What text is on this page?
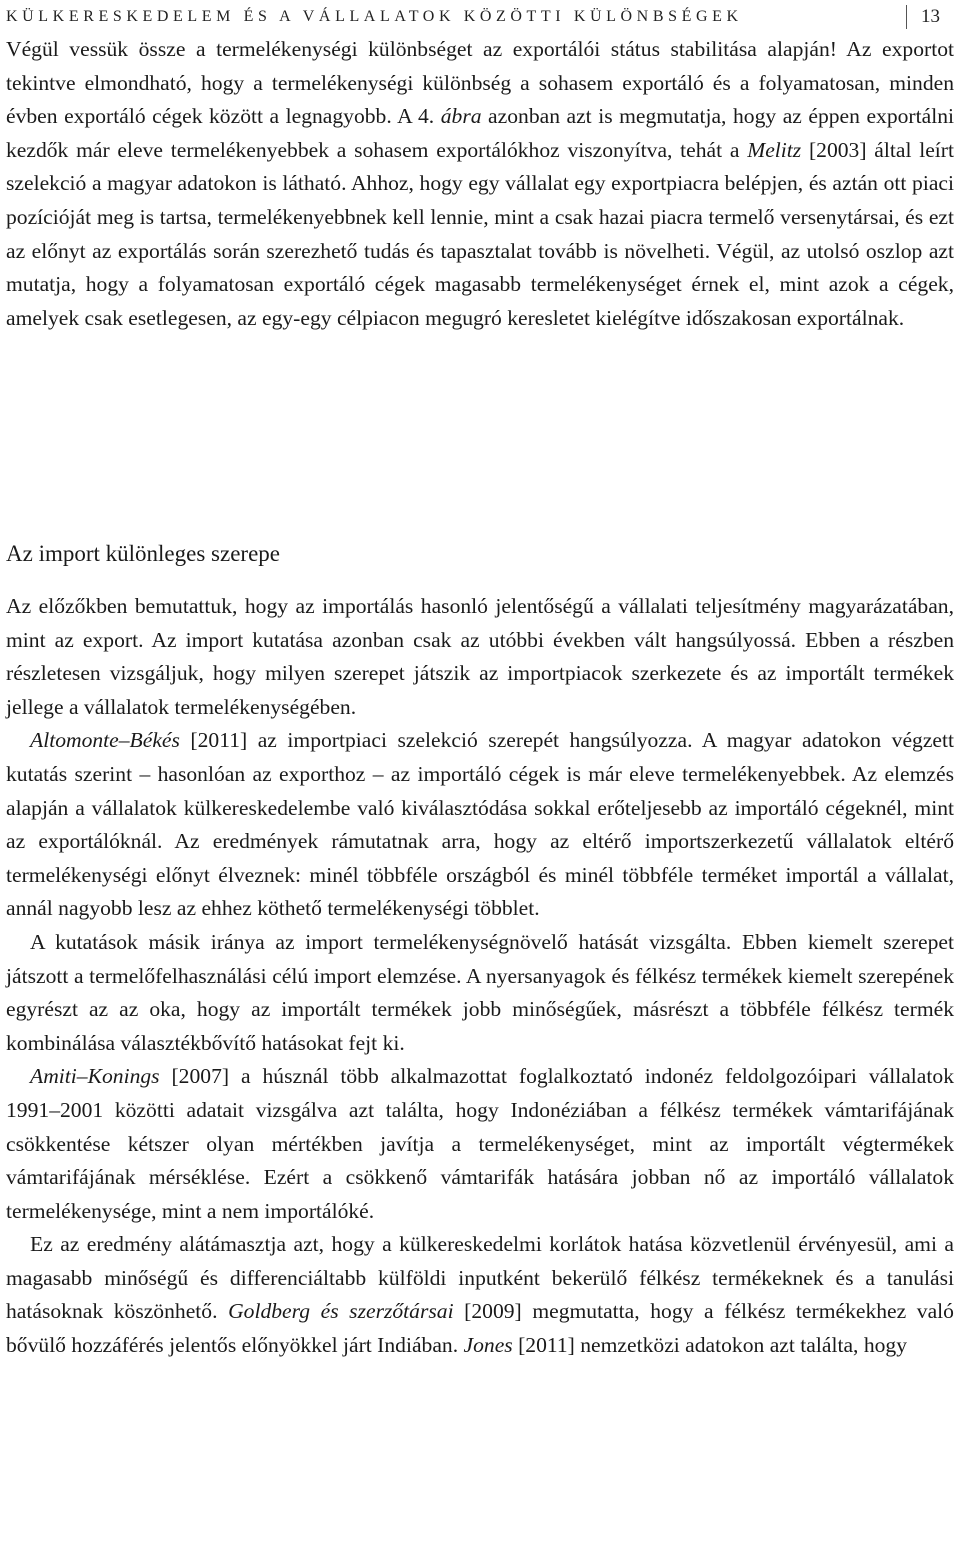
KÜLKERESKEDELEM ÉS A VÁLLALATOK KÖZÖTTI KÜLÖNBSÉGEK	13

Végül vessük össze a termelékenységi különbséget az exportálói státus stabilitása alapján! Az exportot tekintve elmondható, hogy a termelékenységi különbség a sohasem exportáló és a folyamatosan, minden évben exportáló cégek között a legnagyobb. A 4. ábra azonban azt is megmutatja, hogy az éppen exportálni kezdők már eleve termelékenyebbek a sohasem exportálókhoz viszonyítva, tehát a Melitz [2003] által leírt szelekció a magyar adatokon is látható. Ahhoz, hogy egy vállalat egy exportpiacra belépjen, és aztán ott piaci pozícióját meg is tartsa, termelékenyebbnek kell lennie, mint a csak hazai piacra termelő versenytársai, és ezt az előnyt az exportálás során szerezhető tudás és tapasztalat tovább is növelheti. Végül, az utolsó oszlop azt mutatja, hogy a folyamatosan exportáló cégek magasabb termelékenységet érnek el, mint azok a cégek, amelyek csak esetlegesen, az egy-egy célpiacon megugró keresletet kielégítve időszakosan exportálnak.

Az import különleges szerepe

Az előzőkben bemutattuk, hogy az importálás hasonló jelentőségű a vállalati teljesítmény magyarázatában, mint az export. Az import kutatása azonban csak az utóbbi években vált hangsúlyossá. Ebben a részben részletesen vizsgáljuk, hogy milyen szerepet játszik az importpiacok szerkezete és az importált termékek jellege a vállalatok termelékenységében.

Altomonte–Békés [2011] az importpiaci szelekció szerepét hangsúlyozza. A magyar adatokon végzett kutatás szerint – hasonlóan az exporthoz – az importáló cégek is már eleve termelékenyebbek. Az elemzés alapján a vállalatok külkereskedelembe való kiválasztódása sokkal erőteljesebb az importáló cégeknél, mint az exportálóknál. Az eredmények rámutatnak arra, hogy az eltérő importszerkezetű vállalatok eltérő termelékenységi előnyt élveznek: minél többféle országból és minél többféle terméket importál a vállalat, annál nagyobb lesz az ehhez köthető termelékenységi többlet.

A kutatások másik iránya az import termelékenységnövelő hatását vizsgálta. Ebben kiemelt szerepet játszott a termelőfelhasználási célú import elemzése. A nyersanyagok és félkész termékek kiemelt szerepének egyrészt az az oka, hogy az importált termékek jobb minőségűek, másrészt a többféle félkész termék kombinálása választékbővítő hatásokat fejt ki.

Amiti–Konings [2007] a húsznál több alkalmazottat foglalkoztató indonéz feldolgozóipari vállalatok 1991–2001 közötti adatait vizsgálva azt találta, hogy Indonéziában a félkész termékek vámtarifájának csökkentése kétszer olyan mértékben javítja a termelékenységet, mint az importált végtermékek vámtarifájának mérséklése. Ezért a csökkenő vámtarifák hatására jobban nő az importáló vállalatok termelékenysége, mint a nem importálóké.

Ez az eredmény alátámasztja azt, hogy a külkereskedelmi korlátok hatása közvetlenül érvényesül, ami a magasabb minőségű és differenciáltabb külföldi inputként bekerülő félkész termékeknek és a tanulási hatásoknak köszönhető. Goldberg és szerzőtársai [2009] megmutatta, hogy a félkész termékekhez való bővülő hozzáférés jelentős előnyökkel járt Indiában. Jones [2011] nemzetközi adatokon azt találta, hogy
